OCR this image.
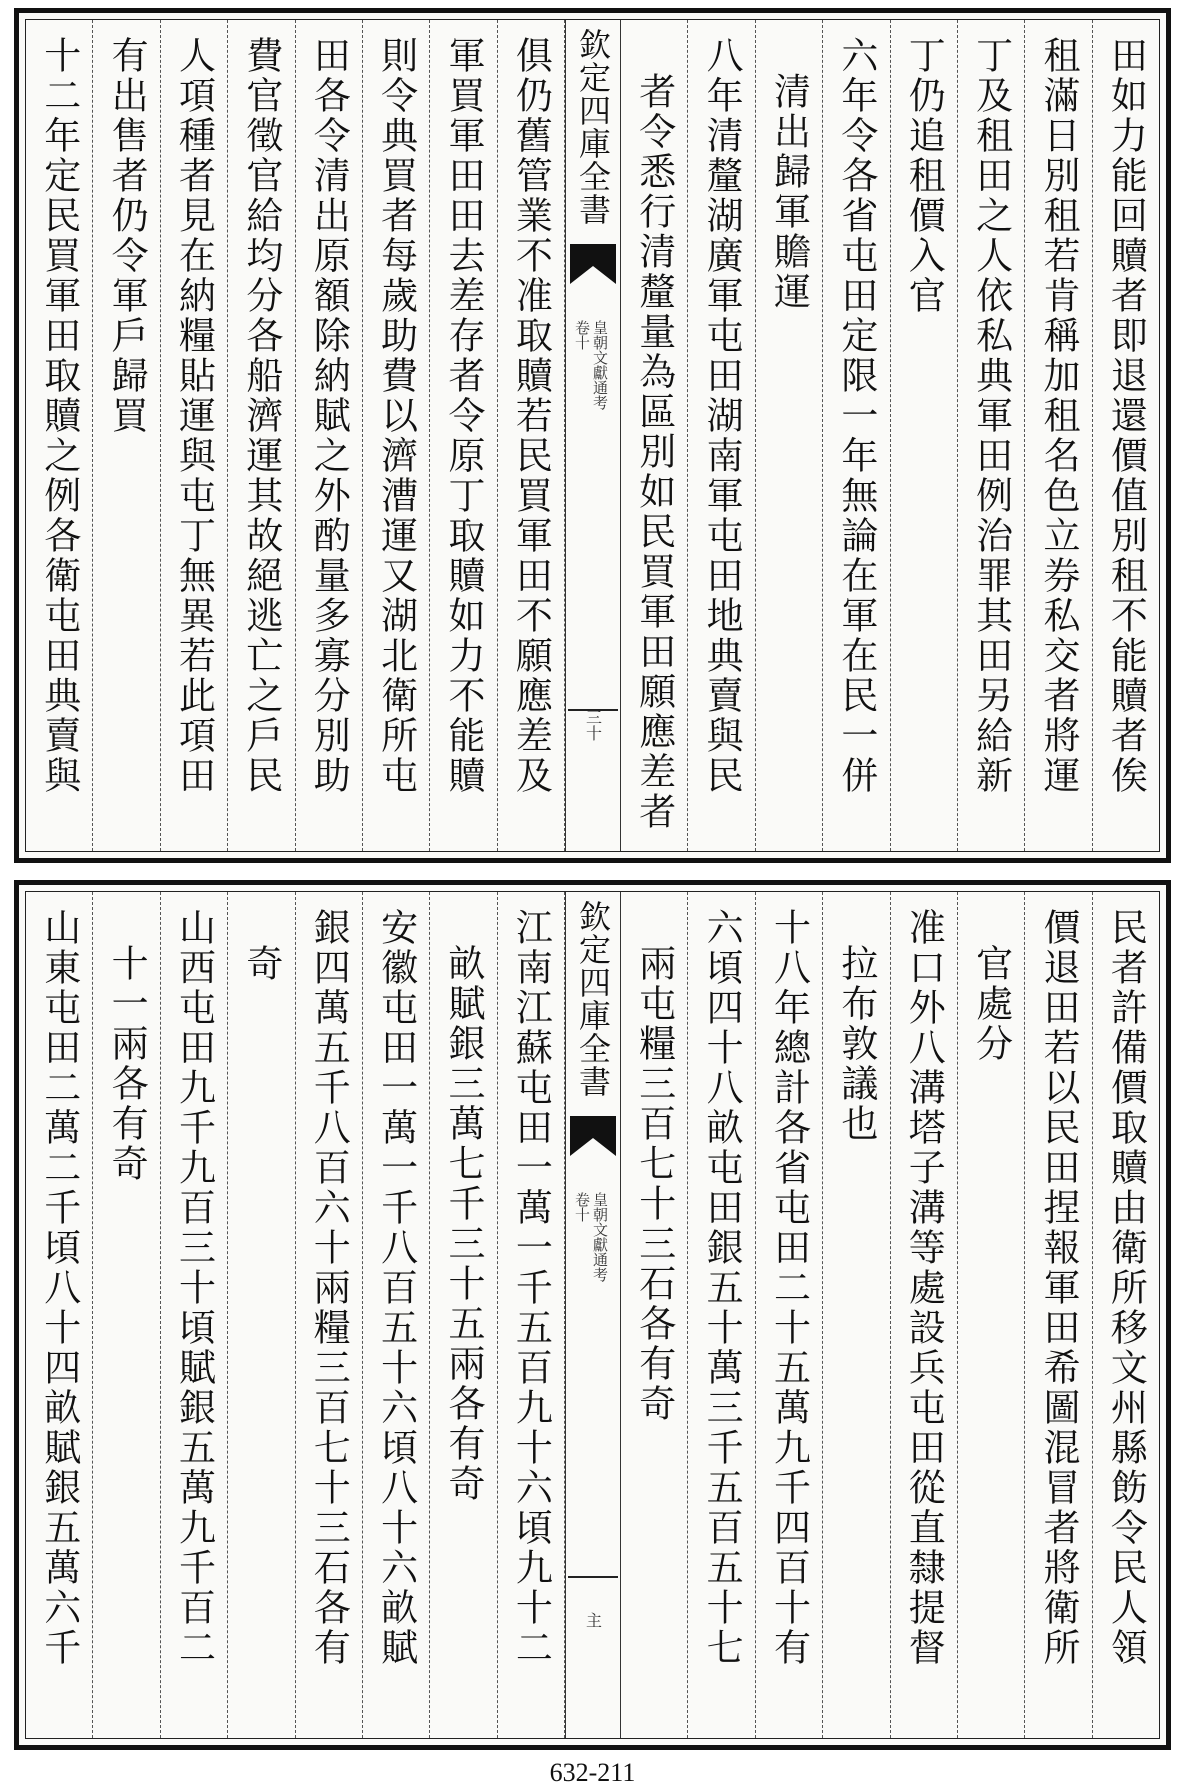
田如力能回贖者即退還價值別租不能贖者俟
租滿日別租若肯稱加租名色立券私交者將運
丁及租田之人依私典軍田例治罪其田另給新
丁仍追租價入官
六年令各省屯田定限一年無論在軍在民一併
清出歸軍贍運
八年清釐湖廣軍屯田湖南軍屯田地典賣與民
者令悉行清釐量為區別如民買軍田願應差者
欽定四庫全書
皇朝文獻通考
卷十
三十
俱仍舊管業不准取贖若民買軍田不願應差及
軍買軍田田去差存者令原丁取贖如力不能贖
則令典買者每歲助費以濟漕運又湖北衛所屯
田各令清出原額除納賦之外酌量多寡分別助
費官徵官給均分各船濟運其故絕逃亡之戶民
人項種者見在納糧貼運與屯丁無異若此項田
有出售者仍令軍戶歸買
十二年定民買軍田取贖之例各衛屯田典賣與
民者許備價取贖由衛所移文州縣飭令民人領
價退田若以民田捏報軍田希圖混冒者將衛所
官處分
准口外八溝塔子溝等處設兵屯田從直隸提督
拉布敦議也
十八年總計各省屯田二十五萬九千四百十有
六頃四十八畝屯田銀五十萬三千五百五十七
兩屯糧三百七十三石各有奇
欽定四庫全書
皇朝文獻通考
卷十
主
江南江蘇屯田一萬一千五百九十六頃九十二
畝賦銀三萬七千三十五兩各有奇
安徽屯田一萬一千八百五十六頃八十六畝賦
銀四萬五千八百六十兩糧三百七十三石各有
奇
山西屯田九千九百三十頃賦銀五萬九千百二
十一兩各有奇
山東屯田二萬二千頃八十四畝賦銀五萬六千
632-211
